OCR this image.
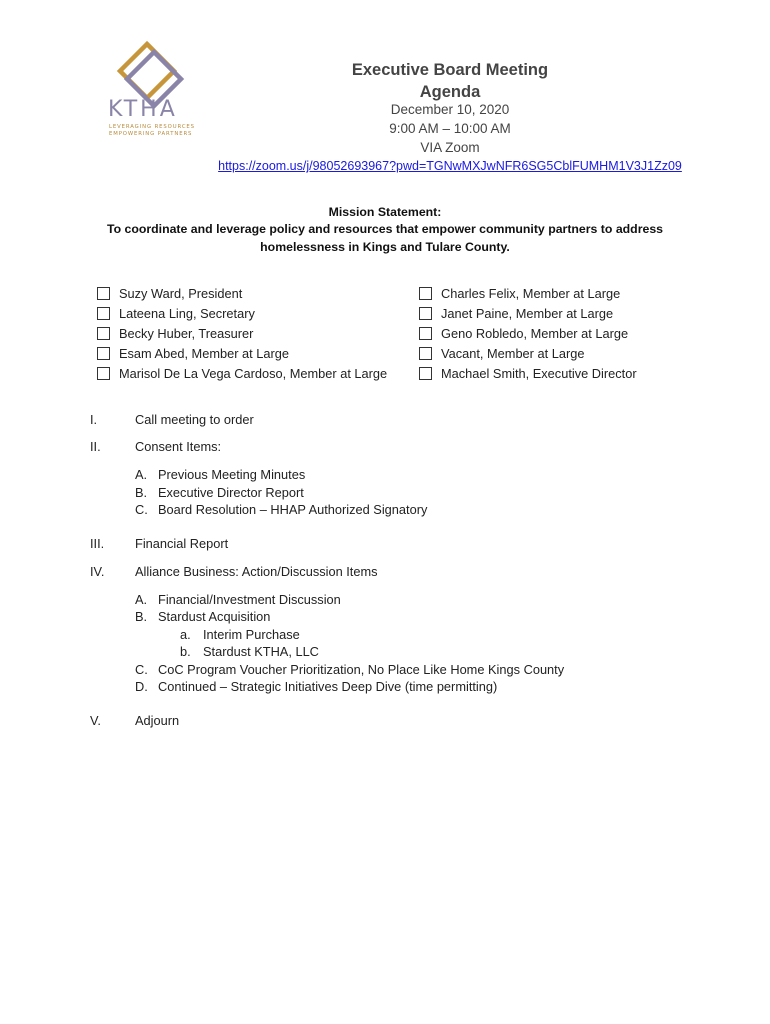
KTHA
LEVERAGING RESOURCES
EMPOWERING PARTNERS
Executive Board Meeting
Agenda
December 10, 2020
9:00 AM – 10:00 AM
VIA Zoom
https://zoom.us/j/98052693967?pwd=TGNwMXJwNFR6SG5CblFUMHM1V3J1Zz09
Mission Statement:
To coordinate and leverage policy and resources that empower community partners to address
homelessness in Kings and Tulare County.
Suzy Ward, President
Lateena Ling, Secretary
Becky Huber, Treasurer
Esam Abed, Member at Large
Marisol De La Vega Cardoso, Member at Large
Charles Felix, Member at Large
Janet Paine, Member at Large
Geno Robledo, Member at Large
Vacant, Member at Large
Machael Smith, Executive Director
I.	Call meeting to order
II.	Consent Items:
A. Previous Meeting Minutes
B. Executive Director Report
C. Board Resolution – HHAP Authorized Signatory
III. Financial Report
IV. Alliance Business: Action/Discussion Items
A. Financial/Investment Discussion
B. Stardust Acquisition
a. Interim Purchase
b. Stardust KTHA, LLC
C. CoC Program Voucher Prioritization, No Place Like Home Kings County
D. Continued – Strategic Initiatives Deep Dive (time permitting)
V.	Adjourn
